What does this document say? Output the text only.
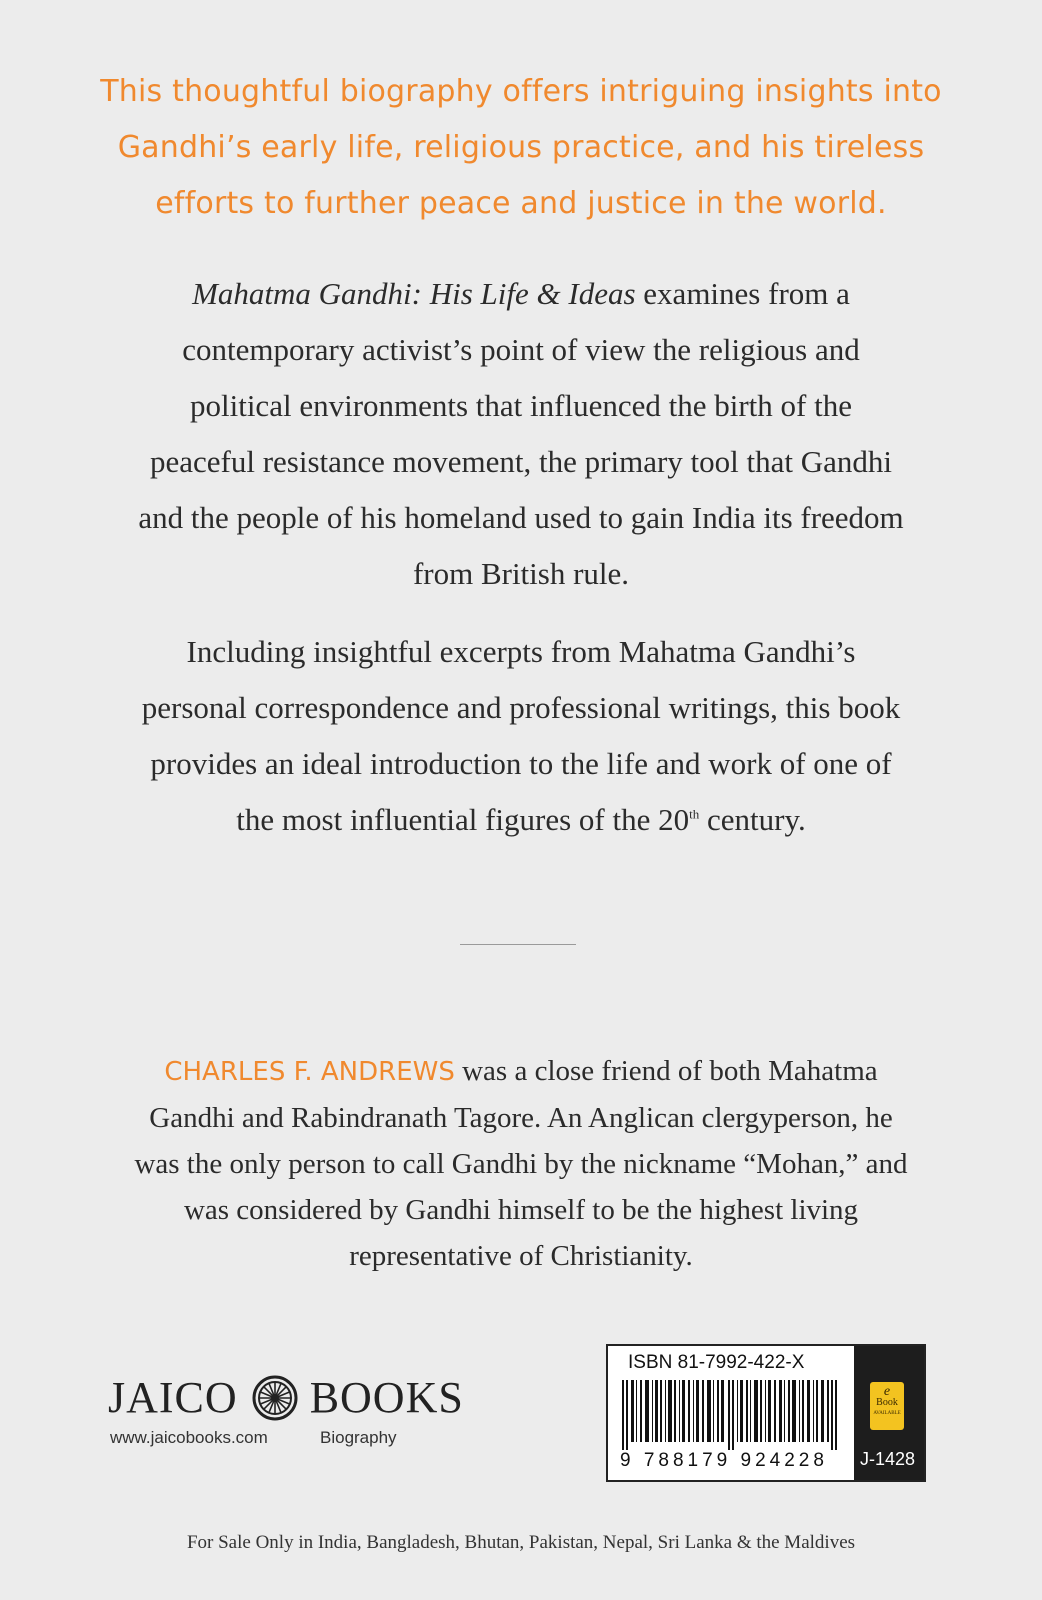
This thoughtful biography offers intriguing insights into
Gandhi’s early life, religious practice, and his tireless
efforts to further peace and justice in the world.
Mahatma Gandhi: His Life & Ideas examines from a
contemporary activist’s point of view the religious and
political environments that influenced the birth of the
peaceful resistance movement, the primary tool that Gandhi
and the people of his homeland used to gain India its freedom
from British rule.
Including insightful excerpts from Mahatma Gandhi’s
personal correspondence and professional writings, this book
provides an ideal introduction to the life and work of one of
the most influential figures of the 20th century.
CHARLES F. ANDREWS was a close friend of both Mahatma
Gandhi and Rabindranath Tagore. An Anglican clergyperson, he
was the only person to call Gandhi by the nickname “Mohan,” and
was considered by Gandhi himself to be the highest living
representative of Christianity.
JAICO BOOKS
www.jaicobooks.com	Biography
ISBN 81-7992-422-X
9 788179 924228
e
Book
AVAILABLE
J-1428
For Sale Only in India, Bangladesh, Bhutan, Pakistan, Nepal, Sri Lanka & the Maldives
